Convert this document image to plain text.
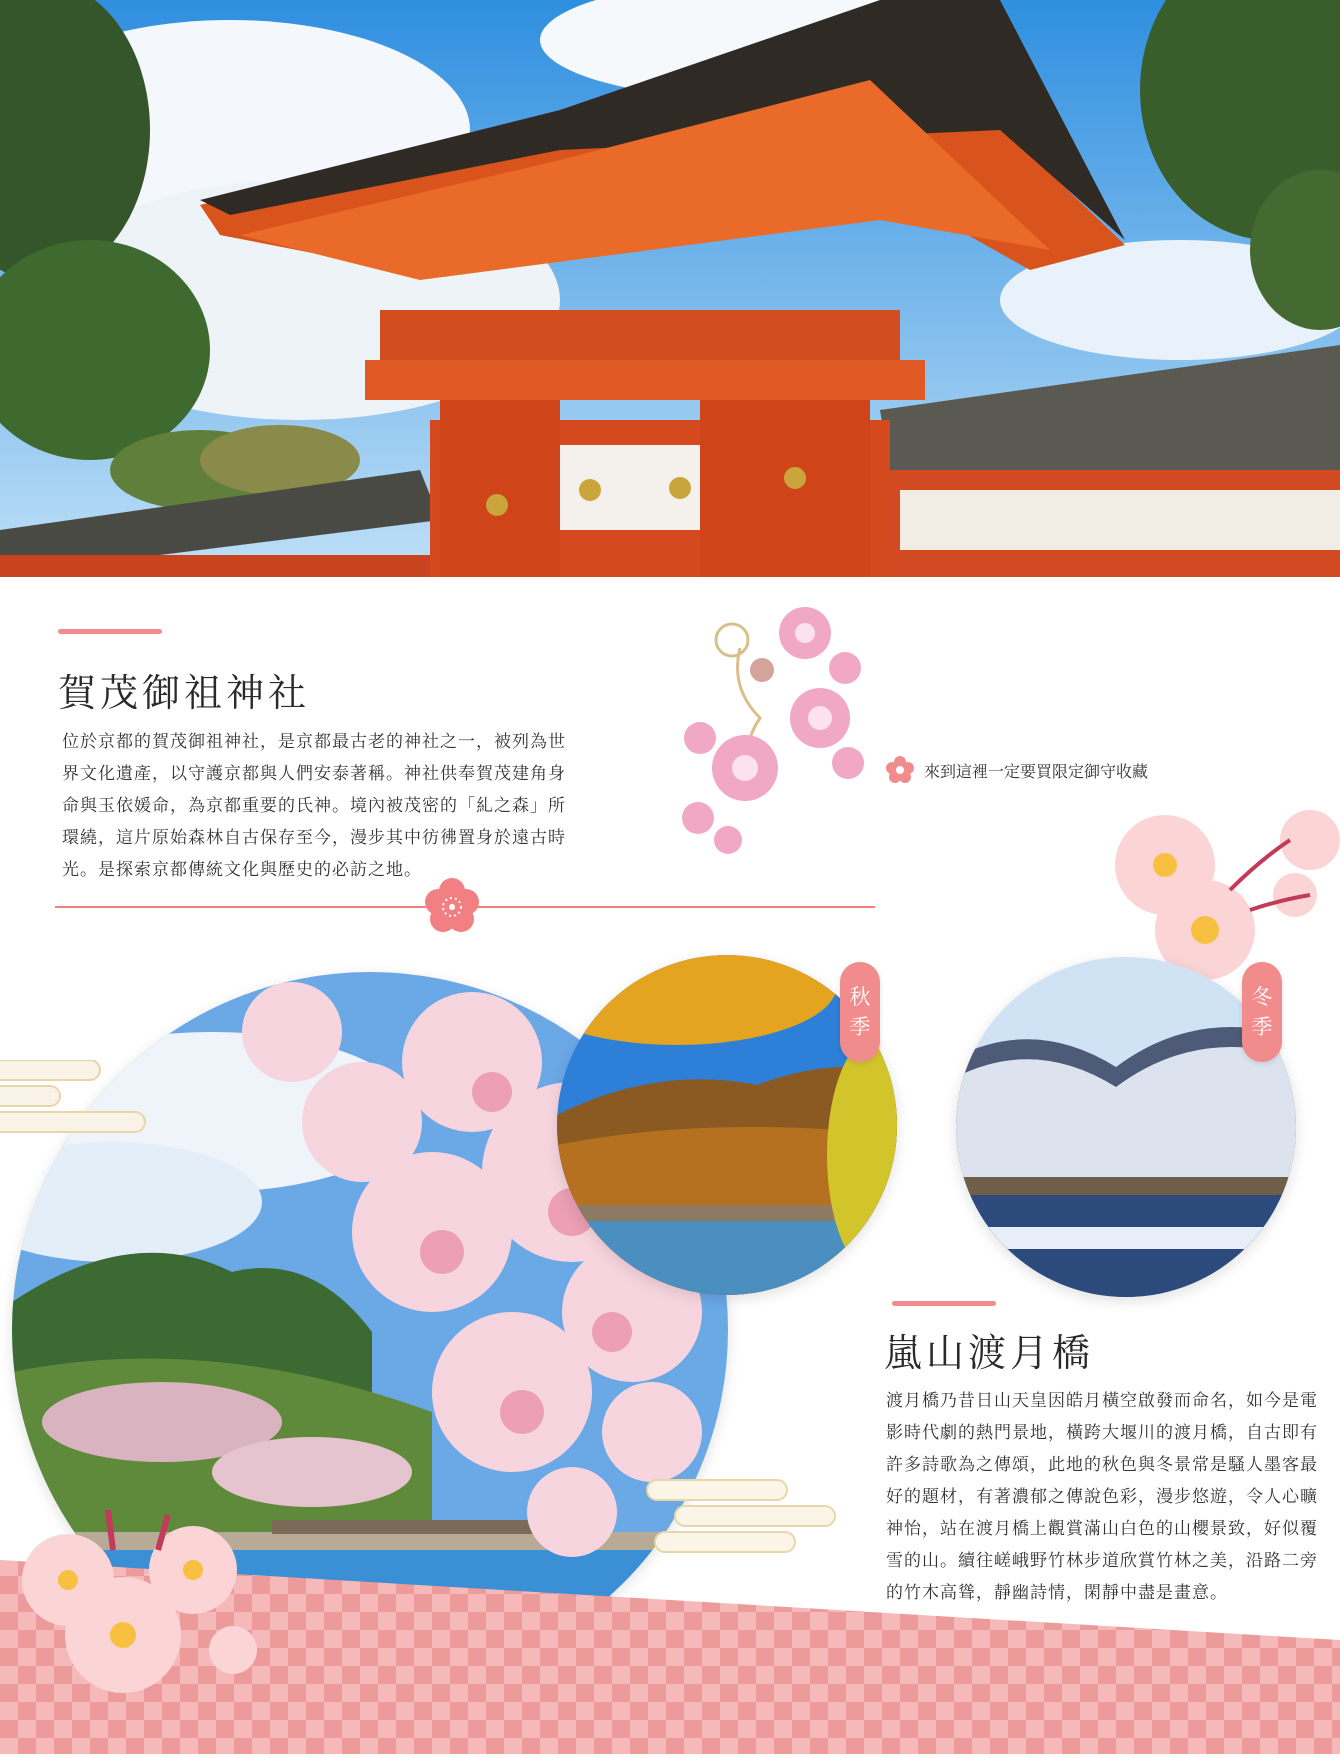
賀茂御祖神社
位於京都的賀茂御祖神社，是京都最古老的神社之一，被列為世界文化遺產，以守護京都與人們安泰著稱。神社供奉賀茂建角身命與玉依媛命，為京都重要的氏神。境內被茂密的「糺之森」所環繞，這片原始森林自古保存至今，漫步其中彷彿置身於遠古時光。是探索京都傳統文化與歷史的必訪之地。
來到這裡一定要買限定御守收藏
秋
季
冬
季
嵐山渡月橋
渡月橋乃昔日山天皇因皓月橫空啟發而命名，如今是電影時代劇的熱門景地，橫跨大堰川的渡月橋，自古即有許多詩歌為之傳頌，此地的秋色與冬景常是騷人墨客最好的題材，有著濃郁之傳說色彩，漫步悠遊，令人心曠神怡，站在渡月橋上觀賞滿山白色的山櫻景致，好似覆雪的山。續往嵯峨野竹林步道欣賞竹林之美，沿路二旁的竹木高聳，靜幽詩情，閑靜中盡是畫意。
